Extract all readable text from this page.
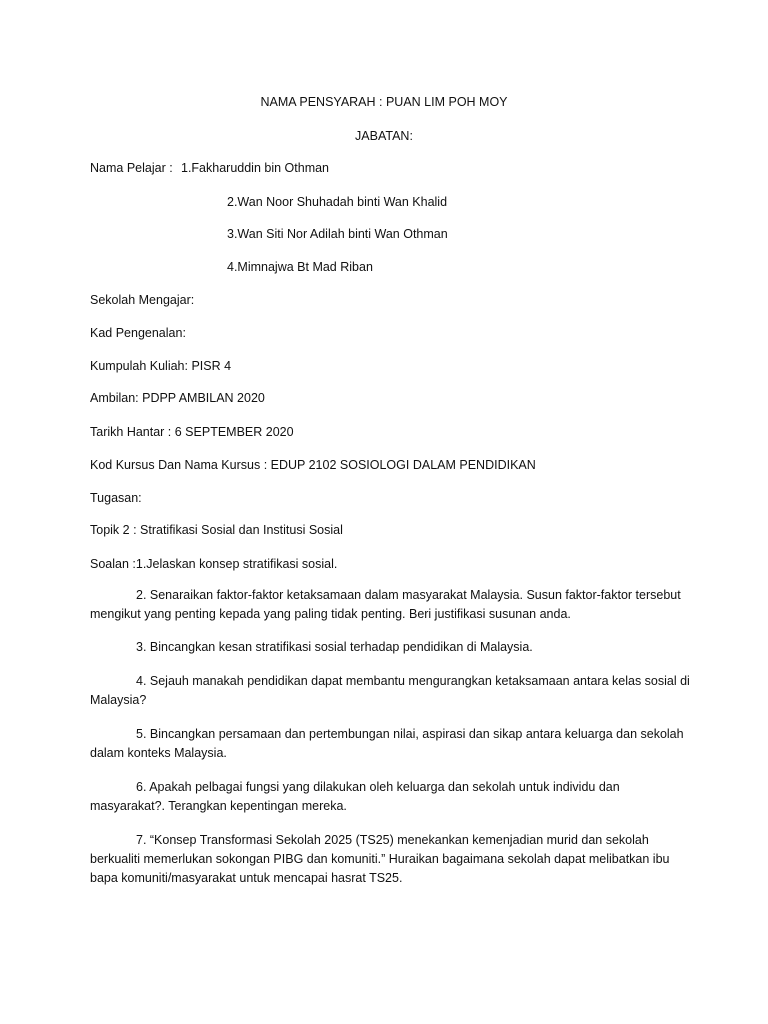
NAMA PENSYARAH : PUAN LIM POH MOY
JABATAN:
Nama Pelajar : 1.Fakharuddin bin Othman
2.Wan Noor Shuhadah binti Wan Khalid
3.Wan Siti Nor Adilah binti Wan Othman
4.Mimnajwa Bt Mad Riban
Sekolah Mengajar:
Kad Pengenalan:
Kumpulah Kuliah: PISR 4
Ambilan: PDPP AMBILAN 2020
Tarikh Hantar : 6 SEPTEMBER 2020
Kod Kursus Dan Nama Kursus : EDUP 2102 SOSIOLOGI DALAM PENDIDIKAN
Tugasan:
Topik 2 : Stratifikasi Sosial dan Institusi Sosial
Soalan :1.Jelaskan konsep stratifikasi sosial.
2. Senaraikan faktor-faktor ketaksamaan dalam masyarakat Malaysia. Susun faktor-faktor tersebut mengikut yang penting kepada yang paling tidak penting. Beri justifikasi susunan anda.
3. Bincangkan kesan stratifikasi sosial terhadap pendidikan di Malaysia.
4. Sejauh manakah pendidikan dapat membantu mengurangkan ketaksamaan antara kelas sosial di Malaysia?
5. Bincangkan persamaan dan pertembungan nilai, aspirasi dan sikap antara keluarga dan sekolah dalam konteks Malaysia.
6. Apakah pelbagai fungsi yang dilakukan oleh keluarga dan sekolah untuk individu dan masyarakat?. Terangkan kepentingan mereka.
7. “Konsep Transformasi Sekolah 2025 (TS25) menekankan kemenjadian murid dan sekolah berkualiti memerlukan sokongan PIBG dan komuniti.” Huraikan bagaimana sekolah dapat melibatkan ibu bapa komuniti/masyarakat untuk mencapai hasrat TS25.
